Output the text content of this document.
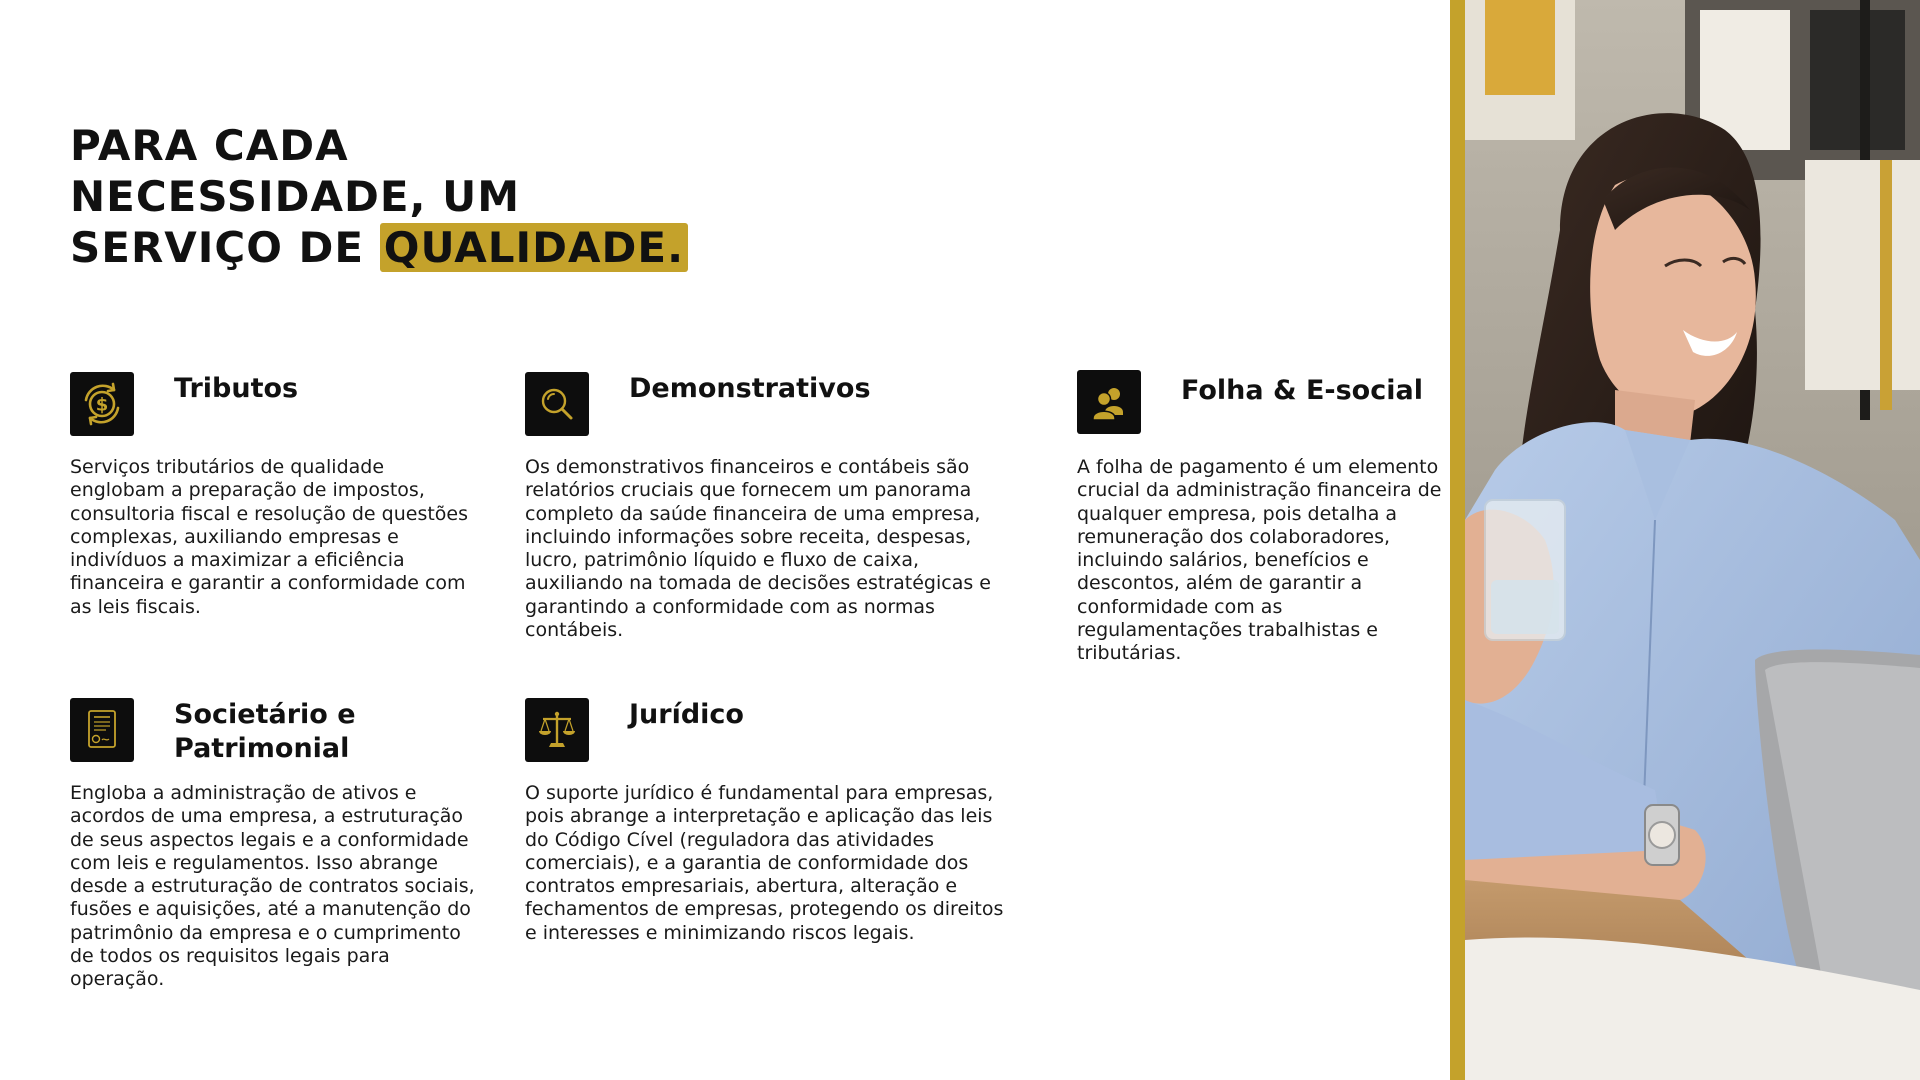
PARA CADA
NECESSIDADE, UM
SERVIÇO DE QUALIDADE.
$
Tributos

Serviços tributários de qualidade englobam a preparação de impostos, consultoria fiscal e resolução de questões complexas, auxiliando empresas e indivíduos a maximizar a eficiência financeira e garantir a conformidade com as leis fiscais.

Demonstrativos

Os demonstrativos financeiros e contábeis são relatórios cruciais que fornecem um panorama completo da saúde financeira de uma empresa, incluindo informações sobre receita, despesas, lucro, patrimônio líquido e fluxo de caixa, auxiliando na tomada de decisões estratégicas e garantindo a conformidade com as normas contábeis.

Folha & E-social

A folha de pagamento é um elemento crucial da administração financeira de qualquer empresa, pois detalha a remuneração dos colaboradores, incluindo salários, benefícios e descontos, além de garantir a conformidade com as regulamentações trabalhistas e tributárias.

Societário e
Patrimonial

Engloba a administração de ativos e acordos de uma empresa, a estruturação de seus aspectos legais e a conformidade com leis e regulamentos. Isso abrange desde a estruturação de contratos sociais, fusões e aquisições, até a manutenção do patrimônio da empresa e o cumprimento de todos os requisitos legais para operação.

Jurídico

O suporte jurídico é fundamental para empresas, pois abrange a interpretação e aplicação das leis do Código Cível (reguladora das atividades comerciais), e a garantia de conformidade dos contratos empresariais, abertura, alteração e fechamentos de empresas, protegendo os direitos e interesses e minimizando riscos legais.
